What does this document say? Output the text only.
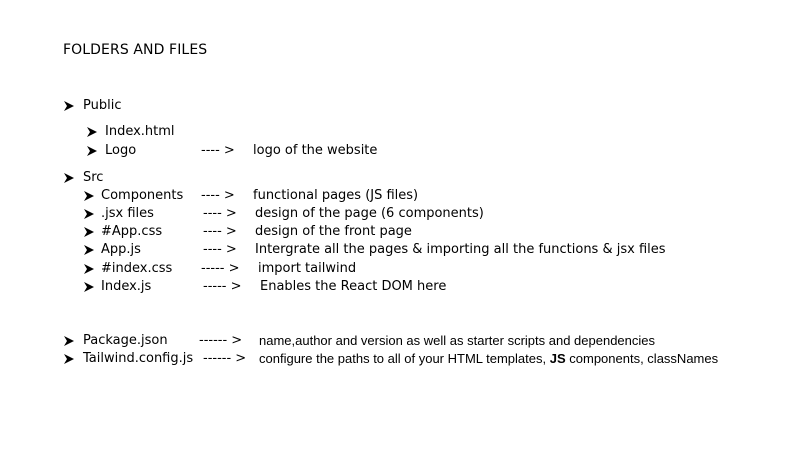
FOLDERS AND FILES
Public
Index.html
Logo	---- > logo of the website
Src
Components ---- > functional pages (JS files)
.jsx files	---- > design of the page (6 components)
#App.css	---- > design of the front page
App.js	---- > Intergrate all the pages & importing all the functions & jsx files
#index.css ----- > import tailwind
Index.js	----- > Enables the React DOM here
Package.json ------ > name,author and version as well as starter scripts and dependencies
Tailwind.config.js ------ > configure the paths to all of your HTML templates, JS components, classNames
